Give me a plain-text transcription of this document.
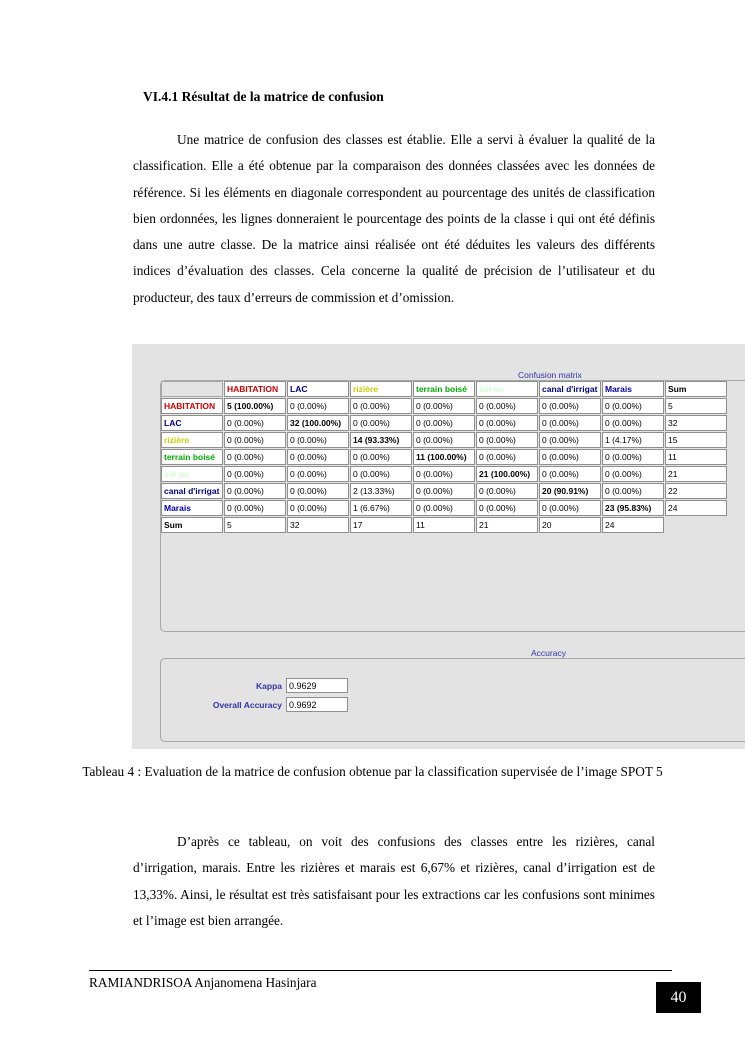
VI.4.1 Résultat de la matrice de confusion

Une matrice de confusion des classes est établie. Elle a servi à évaluer la qualité de la classification. Elle a été obtenue par la comparaison des données classées avec les données de référence. Si les éléments en diagonale correspondent au pourcentage des unités de classification bien ordonnées, les lignes donneraient le pourcentage des points de la classe i qui ont été définis dans une autre classe. De la matrice ainsi réalisée ont été déduites les valeurs des différents indices d’évaluation des classes. Cela concerne la qualité de précision de l’utilisateur et du producteur, des taux d’erreurs de commission et d’omission.

Confusion matrix
	HABITATION	LAC	rizière	terrain boisé	sol nu	canal d'irrigat	Marais	Sum
HABITATION	5 (100.00%)	0 (0.00%)	0 (0.00%)	0 (0.00%)	0 (0.00%)	0 (0.00%)	0 (0.00%)	5
LAC	0 (0.00%)	32 (100.00%)	0 (0.00%)	0 (0.00%)	0 (0.00%)	0 (0.00%)	0 (0.00%)	32
rizière	0 (0.00%)	0 (0.00%)	14 (93.33%)	0 (0.00%)	0 (0.00%)	0 (0.00%)	1 (4.17%)	15
terrain boisé	0 (0.00%)	0 (0.00%)	0 (0.00%)	11 (100.00%)	0 (0.00%)	0 (0.00%)	0 (0.00%)	11
sol nu	0 (0.00%)	0 (0.00%)	0 (0.00%)	0 (0.00%)	21 (100.00%)	0 (0.00%)	0 (0.00%)	21
canal d'irrigat	0 (0.00%)	0 (0.00%)	2 (13.33%)	0 (0.00%)	0 (0.00%)	20 (90.91%)	0 (0.00%)	22
Marais	0 (0.00%)	0 (0.00%)	1 (6.67%)	0 (0.00%)	0 (0.00%)	0 (0.00%)	23 (95.83%)	24
Sum	5	32	17	11	21	20	24	
Accuracy
Kappa 0.9629
Overall Accuracy 0.9692
Tableau 4 : Evaluation de la matrice de confusion obtenue par la classification supervisée de l’image SPOT 5

D’après ce tableau, on voit des confusions des classes entre les rizières, canal d’irrigation, marais. Entre les rizières et marais est 6,67% et rizières, canal d’irrigation est de 13,33%. Ainsi, le résultat est très satisfaisant pour les extractions car les confusions sont minimes et l’image est bien arrangée.

RAMIANDRISOA Anjanomena Hasinjara
40
